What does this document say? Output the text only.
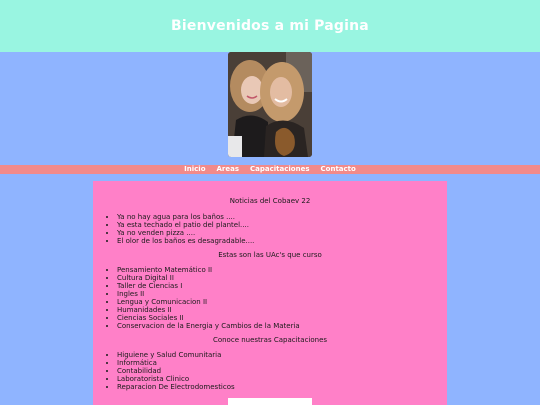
Bienvenidos a mi Pagina
Inicio Areas Capacitaciones Contacto
Noticias del Cobaev 22
• Ya no hay agua para los baños ....
• Ya esta techado el patio del plantel....
• Ya no venden pizza ....
• El olor de los baños es desagradable....
Estas son las UAc's que curso
• Pensamiento Matemático II
• Cultura Digital II
• Taller de Ciencias I
• Ingles II
• Lengua y Comunicacion II
• Humanidades II
• Ciencias Sociales II
• Conservacion de la Energia y Cambios de la Materia
Conoce nuestras Capacitaciones
• Higuiene y Salud Comunitaria
• Informática
• Contabilidad
• Laboratorista Clinico
• Reparacion De Electrodomesticos
